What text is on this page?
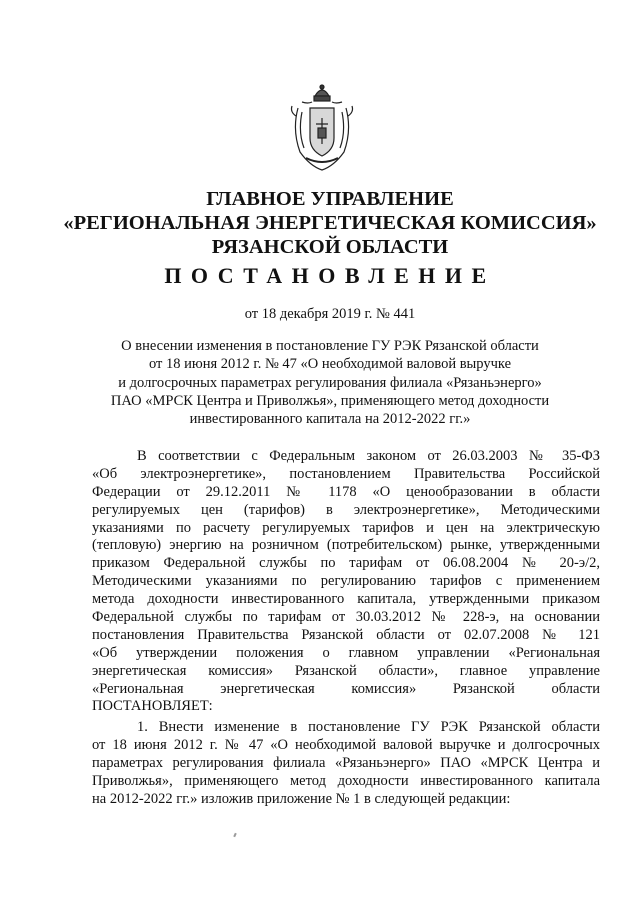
ГЛАВНОЕ УПРАВЛЕНИЕ
«РЕГИОНАЛЬНАЯ ЭНЕРГЕТИЧЕСКАЯ КОМИССИЯ»
РЯЗАНСКОЙ ОБЛАСТИ
ПОСТАНОВЛЕНИЕ
от 18 декабря 2019 г. № 441
О внесении изменения в постановление ГУ РЭК Рязанской области
от 18 июня 2012 г. № 47 «О необходимой валовой выручке
и долгосрочных параметрах регулирования филиала «Рязаньэнерго»
ПАО «МРСК Центра и Приволжья», применяющего метод доходности
инвестированного капитала на 2012-2022 гг.»
В соответствии с Федеральным законом от 26.03.2003 № 35-ФЗ
«Об электроэнергетике», постановлением Правительства Российской
Федерации от 29.12.2011 № 1178 «О ценообразовании в области
регулируемых цен (тарифов) в электроэнергетике», Методическими
указаниями по расчету регулируемых тарифов и цен на электрическую
(тепловую) энергию на розничном (потребительском) рынке, утвержденными
приказом Федеральной службы по тарифам от 06.08.2004 № 20-э/2,
Методическими указаниями по регулированию тарифов с применением
метода доходности инвестированного капитала, утвержденными приказом
Федеральной службы по тарифам от 30.03.2012 № 228-э, на основании
постановления Правительства Рязанской области от 02.07.2008 № 121
«Об утверждении положения о главном управлении «Региональная
энергетическая комиссия» Рязанской области», главное управление
«Региональная энергетическая комиссия» Рязанской области
ПОСТАНОВЛЯЕТ:
1. Внести изменение в постановление ГУ РЭК Рязанской области
от 18 июня 2012 г. № 47 «О необходимой валовой выручке и долгосрочных
параметрах регулирования филиала «Рязаньэнерго» ПАО «МРСК Центра и
Приволжья», применяющего метод доходности инвестированного капитала
на 2012-2022 гг.» изложив приложение № 1 в следующей редакции:
